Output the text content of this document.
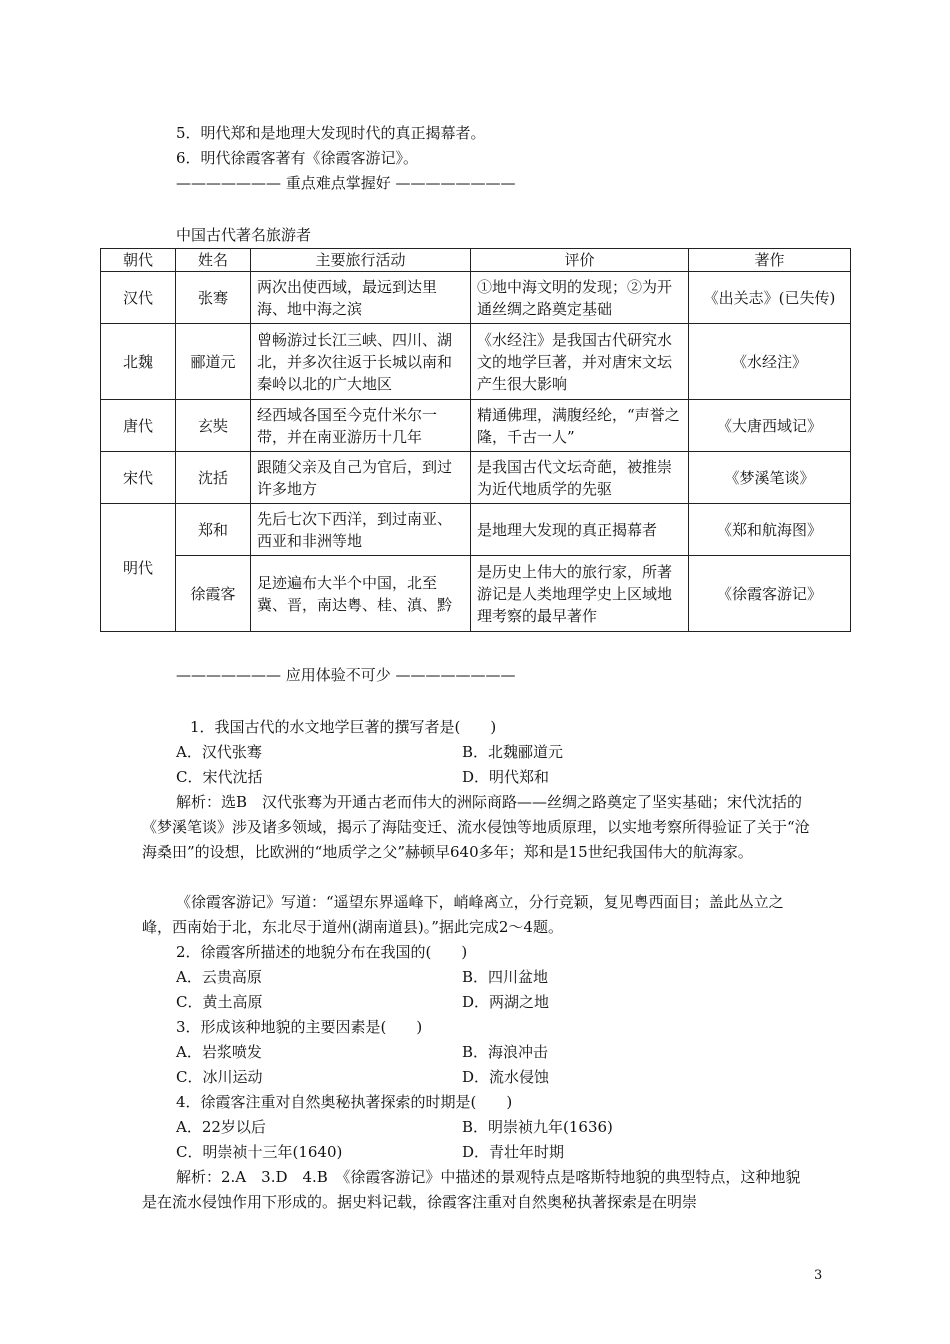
5．明代郑和是地理大发现时代的真正揭幕者。
6．明代徐霞客著有《徐霞客游记》。
——————— 重点难点掌握好 ————————
中国古代著名旅游者
朝代	姓名	主要旅行活动	评价	著作
汉代	张骞	两次出使西域，最远到达里海、地中海之滨	①地中海文明的发现；②为开通丝绸之路奠定基础	《出关志》(已失传)
北魏	郦道元	曾畅游过长江三峡、四川、湖北，并多次往返于长城以南和秦岭以北的广大地区	《水经注》是我国古代研究水文的地学巨著，并对唐宋文坛产生很大影响	《水经注》
唐代	玄奘	经西域各国至今克什米尔一带，并在南亚游历十几年	精通佛理，满腹经纶，“声誉之隆，千古一人”	《大唐西域记》
宋代	沈括	跟随父亲及自己为官后，到过许多地方	是我国古代文坛奇葩，被推崇为近代地质学的先驱	《梦溪笔谈》
明代	郑和	先后七次下西洋，到过南亚、西亚和非洲等地	是地理大发现的真正揭幕者	《郑和航海图》
	徐霞客	足迹遍布大半个中国，北至冀、晋，南达粤、桂、滇、黔	是历史上伟大的旅行家，所著游记是人类地理学史上区域地理考察的最早著作	《徐霞客游记》
——————— 应用体验不可少 ————————
1．我国古代的水文地学巨著的撰写者是(　　)
A．汉代张骞	B．北魏郦道元
C．宋代沈括	D．明代郑和
解析：选B　汉代张骞为开通古老而伟大的洲际商路——丝绸之路奠定了坚实基础；宋代沈括的《梦溪笔谈》涉及诸多领域，揭示了海陆变迁、流水侵蚀等地质原理，以实地考察所得验证了关于“沧海桑田”的设想，比欧洲的“地质学之父”赫顿早640多年；郑和是15世纪我国伟大的航海家。
《徐霞客游记》写道：“遥望东界遥峰下，峭峰离立，分行竞颖，复见粤西面目；盖此丛立之峰，西南始于北，东北尽于道州(湖南道县)。”据此完成2～4题。
2．徐霞客所描述的地貌分布在我国的(　　)
A．云贵高原	B．四川盆地
C．黄土高原	D．两湖之地
3．形成该种地貌的主要因素是(　　)
A．岩浆喷发	B．海浪冲击
C．冰川运动	D．流水侵蚀
4．徐霞客注重对自然奥秘执著探索的时期是(　　)
A．22岁以后	B．明崇祯九年(1636)
C．明崇祯十三年(1640)	D．青壮年时期
解析：2.A　3.D　4.B　《徐霞客游记》中描述的景观特点是喀斯特地貌的典型特点，这种地貌是在流水侵蚀作用下形成的。据史料记载，徐霞客注重对自然奥秘执著探索是在明崇
3
